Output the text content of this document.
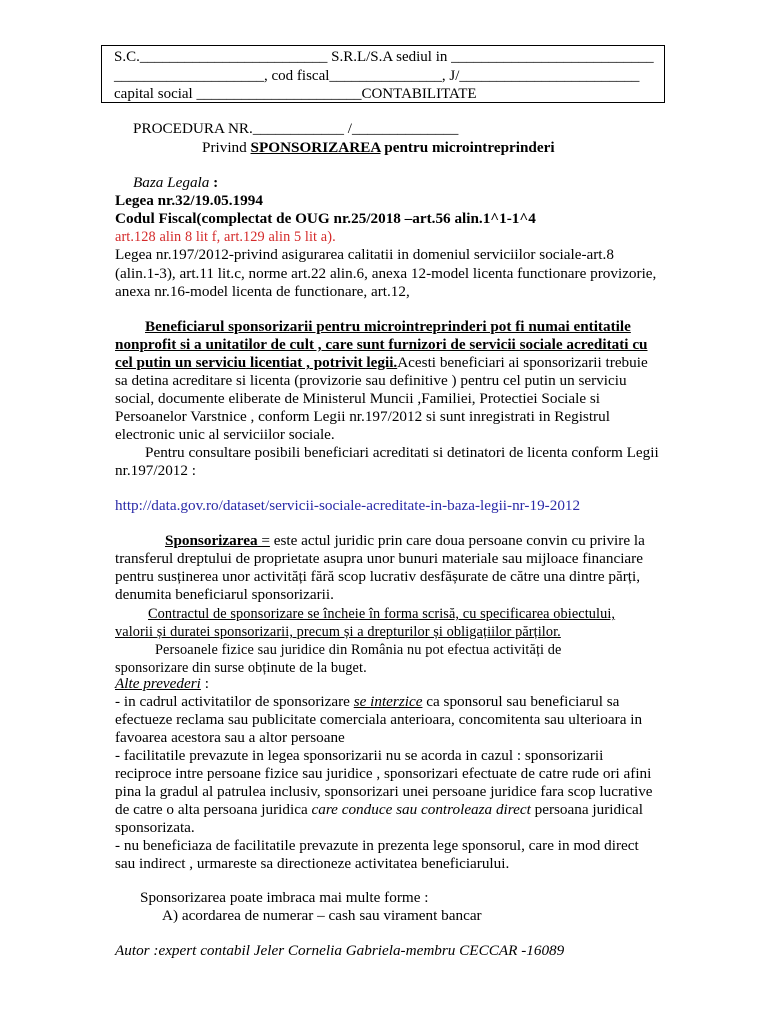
S.C._________________________ S.R.L/S.A sediul in ___________________________
____________________, cod fiscal_______________, J/________________________
capital social ______________________CONTABILITATE
PROCEDURA NR.____________ /______________
Privind SPONSORIZAREA pentru microintreprinderi
Baza Legala :
Legea nr.32/19.05.1994
Codul Fiscal(complectat de OUG nr.25/2018 –art.56 alin.1^1-1^4
art.128 alin 8 lit f, art.129 alin 5 lit a).
Legea nr.197/2012-privind asigurarea calitatii in domeniul serviciilor sociale-art.8
(alin.1-3), art.11 lit.c, norme art.22 alin.6, anexa 12-model licenta functionare provizorie,
anexa nr.16-model licenta de functionare, art.12,
Beneficiarul sponsorizarii pentru microintreprinderi pot fi numai entitatile
nonprofit si a unitatilor de cult , care sunt furnizori de servicii sociale acreditati cu
cel putin un serviciu licentiat , potrivit legii.Acesti beneficiari ai sponsorizarii trebuie
sa detina acreditare si licenta (provizorie sau definitive ) pentru cel putin un serviciu
social, documente eliberate de Ministerul Muncii ,Familiei, Protectiei Sociale si
Persoanelor Varstnice , conform Legii nr.197/2012 si sunt inregistrati in Registrul
electronic unic al serviciilor sociale.
Pentru consultare posibili beneficiari acreditati si detinatori de licenta conform Legii
nr.197/2012 :
http://data.gov.ro/dataset/servicii-sociale-acreditate-in-baza-legii-nr-19-2012
Sponsorizarea = este actul juridic prin care doua persoane convin cu privire la
transferul dreptului de proprietate asupra unor bunuri materiale sau mijloace financiare
pentru susținerea unor activități fără scop lucrativ desfășurate de către una dintre părți,
denumita beneficiarul sponsorizarii.
Contractul de sponsorizare se încheie în forma scrisă, cu specificarea obiectului,
valorii și duratei sponsorizarii, precum și a drepturilor și obligațiilor părților.
Persoanele fizice sau juridice din România nu pot efectua activități de
sponsorizare din surse obținute de la buget.
Alte prevederi :
- in cadrul activitatilor de sponsorizare se interzice ca sponsorul sau beneficiarul sa
efectueze reclama sau publicitate comerciala anterioara, concomitenta sau ulterioara in
favoarea acestora sau a altor persoane
- facilitatile prevazute in legea sponsorizarii nu se acorda in cazul : sponsorizarii
reciproce intre persoane fizice sau juridice , sponsorizari efectuate de catre rude ori afini
pina la gradul al patrulea inclusiv, sponsorizari unei persoane juridice fara scop lucrative
de catre o alta persoana juridica care conduce sau controleaza direct persoana juridical
sponsorizata.
- nu beneficiaza de facilitatile prevazute in prezenta lege sponsorul, care in mod direct
sau indirect , urmareste sa directioneze activitatea beneficiarului.
Sponsorizarea poate imbraca mai multe forme :
A) acordarea de numerar – cash sau virament bancar
Autor :expert contabil Jeler Cornelia Gabriela-membru CECCAR -16089
